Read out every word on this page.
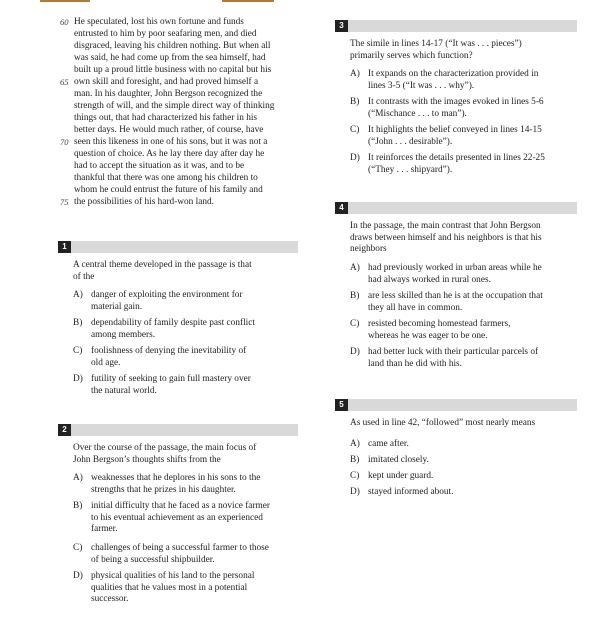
60 He speculated, lost his own fortune and funds
entrusted to him by poor seafaring men, and died
disgraced, leaving his children nothing. But when all
was said, he had come up from the sea himself, had
built up a proud little business with no capital but his
65 own skill and foresight, and had proved himself a
man. In his daughter, John Bergson recognized the
strength of will, and the simple direct way of thinking
things out, that had characterized his father in his
better days. He would much rather, of course, have
70 seen this likeness in one of his sons, but it was not a
question of choice. As he lay there day after day he
had to accept the situation as it was, and to be
thankful that there was one among his children to
whom he could entrust the future of his family and
75 the possibilities of his hard-won land.
1
A central theme developed in the passage is that
of the
A) danger of exploiting the environment for
material gain.
B) dependability of family despite past conflict
among members.
C) foolishness of denying the inevitability of
old age.
D) futility of seeking to gain full mastery over
the natural world.
2
Over the course of the passage, the main focus of
John Bergson’s thoughts shifts from the
A) weaknesses that he deplores in his sons to the
strengths that he prizes in his daughter.
B) initial difficulty that he faced as a novice farmer
to his eventual achievement as an experienced
farmer.
C) challenges of being a successful farmer to those
of being a successful shipbuilder.
D) physical qualities of his land to the personal
qualities that he values most in a potential
successor.
3
The simile in lines 14-17 (“It was . . . pieces”)
primarily serves which function?
A) It expands on the characterization provided in
lines 3-5 (“It was . . . why”).
B) It contrasts with the images evoked in lines 5-6
(“Mischance . . . to man”).
C) It highlights the belief conveyed in lines 14-15
(“John . . . desirable”).
D) It reinforces the details presented in lines 22-25
(“They . . . shipyard”).
4
In the passage, the main contrast that John Bergson
draws between himself and his neighbors is that his
neighbors
A) had previously worked in urban areas while he
had always worked in rural ones.
B) are less skilled than he is at the occupation that
they all have in common.
C) resisted becoming homestead farmers,
whereas he was eager to be one.
D) had better luck with their particular parcels of
land than he did with his.
5
As used in line 42, “followed” most nearly means
A) came after.
B) imitated closely.
C) kept under guard.
D) stayed informed about.
